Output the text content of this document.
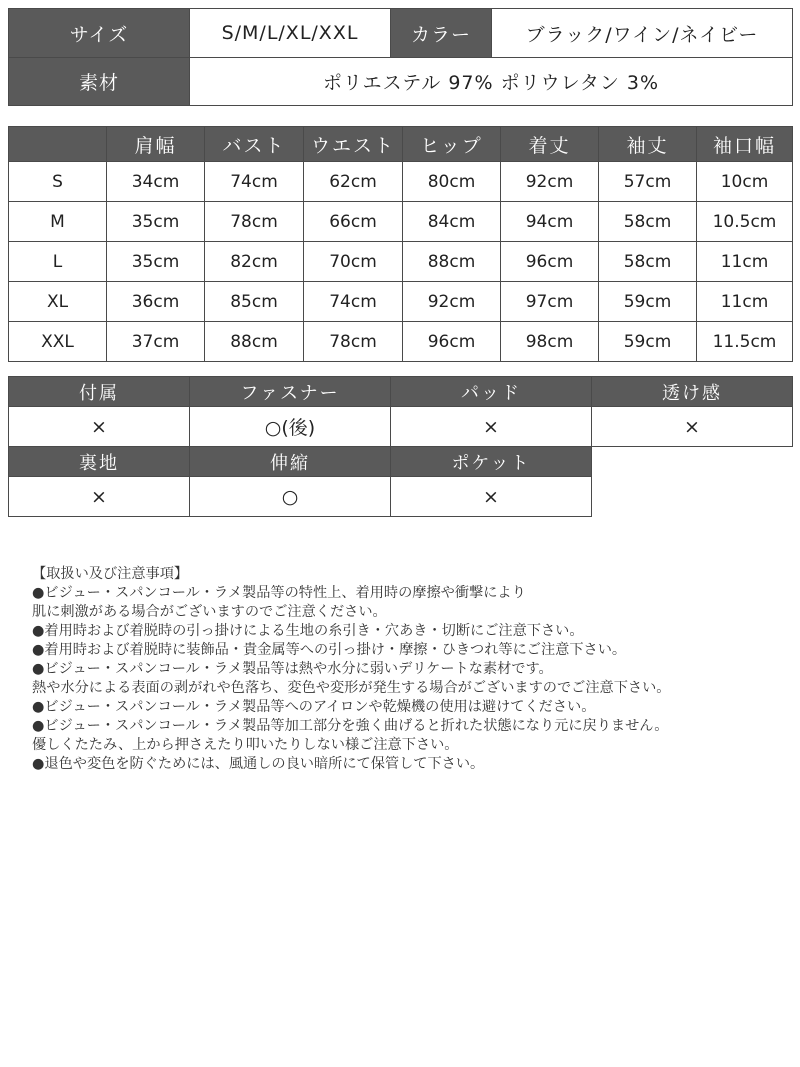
サイズ	S/M/L/XL/XXL	カラー	ブラック/ワイン/ネイビー
素材	ポリエステル 97% ポリウレタン 3%		
	肩幅	バスト	ウエスト	ヒップ	着丈	袖丈	袖口幅
S	34cm	74cm	62cm	80cm	92cm	57cm	10cm
M	35cm	78cm	66cm	84cm	94cm	58cm	10.5cm
L	35cm	82cm	70cm	88cm	96cm	58cm	11cm
XL	36cm	85cm	74cm	92cm	97cm	59cm	11cm
XXL	37cm	88cm	78cm	96cm	98cm	59cm	11.5cm
付属	ファスナー	パッド	透け感
×	○(後)	×	×
裏地	伸縮	ポケット	
×	○	×	

【取扱い及び注意事項】

●ビジュー・スパンコール・ラメ製品等の特性上、着用時の摩擦や衝撃により

肌に刺激がある場合がございますのでご注意ください。

●着用時および着脱時の引っ掛けによる生地の糸引き・穴あき・切断にご注意下さい。

●着用時および着脱時に装飾品・貴金属等への引っ掛け・摩擦・ひきつれ等にご注意下さい。

●ビジュー・スパンコール・ラメ製品等は熱や水分に弱いデリケートな素材です。

熱や水分による表面の剥がれや色落ち、変色や変形が発生する場合がございますのでご注意下さい。

●ビジュー・スパンコール・ラメ製品等へのアイロンや乾燥機の使用は避けてください。

●ビジュー・スパンコール・ラメ製品等加工部分を強く曲げると折れた状態になり元に戻りません。

優しくたたみ、上から押さえたり叩いたりしない様ご注意下さい。

●退色や変色を防ぐためには、風通しの良い暗所にて保管して下さい。
